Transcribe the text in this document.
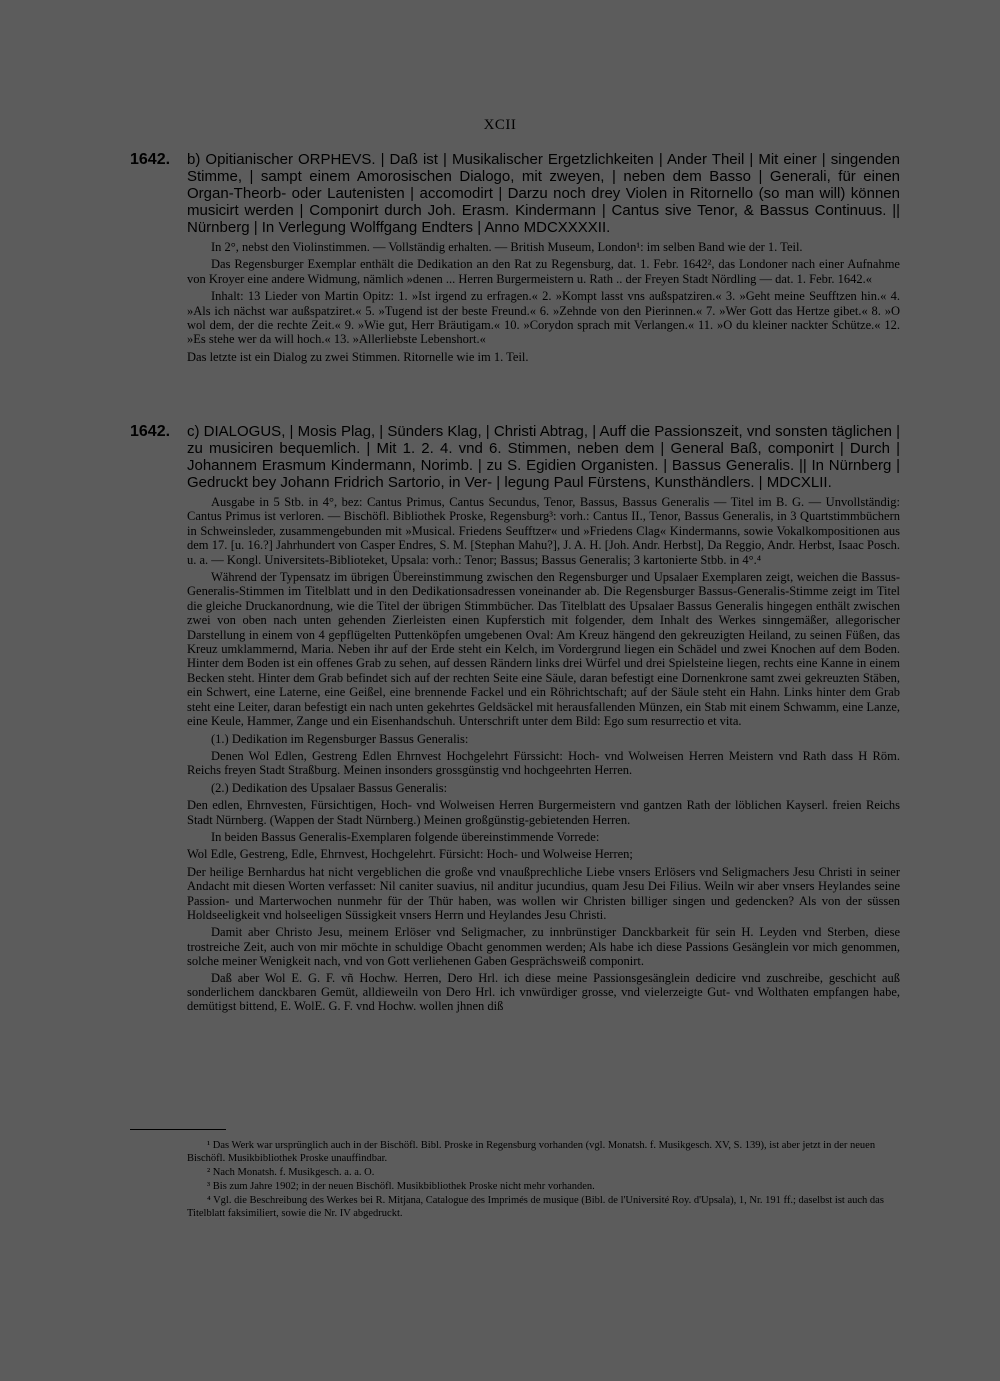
XCII
1642. b) Opitianischer ORPHEVS. | Daß ist | Musikalischer Ergetzlichkeiten | Ander Theil | Mit einer | singenden Stimme, | sampt einem Amorosischen Dialogo, mit zweyen, | neben dem Basso | Generali, für einen Organ-Theorb- oder Lautenisten | accomodirt | Darzu noch drey Violen in Ritornello (so man will) können musicirt werden | Componirt durch Joh. Erasm. Kindermann | Cantus sive Tenor, & Bassus Continuus. || Nürnberg | In Verlegung Wolffgang Endters | Anno MDCXXXXII.

In 2°, nebst den Violinstimmen. — Vollständig erhalten. — British Museum, London¹: im selben Band wie der 1. Teil.

Das Regensburger Exemplar enthält die Dedikation an den Rat zu Regensburg, dat. 1. Febr. 1642², das Londoner nach einer Aufnahme von Kroyer eine andere Widmung, nämlich »denen ... Herren Burgermeistern u. Rath .. der Freyen Stadt Nördling — dat. 1. Febr. 1642.«

Inhalt: 13 Lieder von Martin Opitz: 1. »Ist irgend zu erfragen.« 2. »Kompt lasst vns außspatziren.« 3. »Geht meine Seufftzen hin.« 4. »Als ich nächst war außspatziret.« 5. »Tugend ist der beste Freund.« 6. »Zehnde von den Pierinnen.« 7. »Wer Gott das Hertze gibet.« 8. »O wol dem, der die rechte Zeit.« 9. »Wie gut, Herr Bräutigam.« 10. »Corydon sprach mit Verlangen.« 11. »O du kleiner nackter Schütze.« 12. »Es stehe wer da will hoch.« 13. »Allerliebste Lebenshort.«

Das letzte ist ein Dialog zu zwei Stimmen. Ritornelle wie im 1. Teil.

1642. c) DIALOGUS, | Mosis Plag, | Sünders Klag, | Christi Abtrag, | Auff die Passionszeit, vnd sonsten täglichen | zu musiciren bequemlich. | Mit 1. 2. 4. vnd 6. Stimmen, neben dem | General Baß, componirt | Durch | Johannem Erasmum Kindermann, Norimb. | zu S. Egidien Organisten. | Bassus Generalis. || In Nürnberg | Gedruckt bey Johann Fridrich Sartorio, in Ver- | legung Paul Fürstens, Kunsthändlers. | MDCXLII.

Ausgabe in 5 Stb. in 4°, bez: Cantus Primus, Cantus Secundus, Tenor, Bassus, Bassus Generalis — Titel im B. G. — Unvollständig: Cantus Primus ist verloren. — Bischöfl. Bibliothek Proske, Regensburg³: vorh.: Cantus II., Tenor, Bassus Generalis, in 3 Quartstimmbüchern in Schweinsleder, zusammengebunden mit »Musical. Friedens Seufftzer« und »Friedens Clag« Kindermanns, sowie Vokalkompositionen aus dem 17. [u. 16.?] Jahrhundert von Casper Endres, S. M. [Stephan Mahu?], J. A. H. [Joh. Andr. Herbst], Da Reggio, Andr. Herbst, Isaac Posch. u. a. — Kongl. Universitets-Biblioteket, Upsala: vorh.: Tenor; Bassus; Bassus Generalis; 3 kartonierte Stbb. in 4°.⁴

Während der Typensatz im übrigen Übereinstimmung zwischen den Regensburger und Upsalaer Exemplaren zeigt, weichen die Bassus-Generalis-Stimmen im Titelblatt und in den Dedikationsadressen voneinander ab. Die Regensburger Bassus-Generalis-Stimme zeigt im Titel die gleiche Druckanordnung, wie die Titel der übrigen Stimmbücher. Das Titelblatt des Upsalaer Bassus Generalis hingegen enthält zwischen zwei von oben nach unten gehenden Zierleisten einen Kupferstich mit folgender, dem Inhalt des Werkes sinngemäßer, allegorischer Darstellung in einem von 4 gepflügelten Puttenköpfen umgebenen Oval: Am Kreuz hängend den gekreuzigten Heiland, zu seinen Füßen, das Kreuz umklammernd, Maria. Neben ihr auf der Erde steht ein Kelch, im Vordergrund liegen ein Schädel und zwei Knochen auf dem Boden. Hinter dem Boden ist ein offenes Grab zu sehen, auf dessen Rändern links drei Würfel und drei Spielsteine liegen, rechts eine Kanne in einem Becken steht. Hinter dem Grab befindet sich auf der rechten Seite eine Säule, daran befestigt eine Dornenkrone samt zwei gekreuzten Stäben, ein Schwert, eine Laterne, eine Geißel, eine brennende Fackel und ein Röhrichtschaft; auf der Säule steht ein Hahn. Links hinter dem Grab steht eine Leiter, daran befestigt ein nach unten gekehrtes Geldsäckel mit herausfallenden Münzen, ein Stab mit einem Schwamm, eine Lanze, eine Keule, Hammer, Zange und ein Eisenhandschuh. Unterschrift unter dem Bild: Ego sum resurrectio et vita.

(1.) Dedikation im Regensburger Bassus Generalis:

Denen Wol Edlen, Gestreng Edlen Ehrnvest Hochgelehrt Fürssicht: Hoch- vnd Wolweisen Herren Meistern vnd Rath dass H Röm. Reichs freyen Stadt Straßburg. Meinen insonders grossgünstig vnd hochgeehrten Herren.

(2.) Dedikation des Upsalaer Bassus Generalis:

Den edlen, Ehrnvesten, Fürsichtigen, Hoch- vnd Wolweisen Herren Burgermeistern vnd gantzen Rath der löblichen Kayserl. freien Reichs Stadt Nürnberg. (Wappen der Stadt Nürnberg.) Meinen großgünstig-gebietenden Herren.

In beiden Bassus Generalis-Exemplaren folgende übereinstimmende Vorrede:

Wol Edle, Gestreng, Edle, Ehrnvest, Hochgelehrt. Fürsicht: Hoch- und Wolweise Herren;

Der heilige Bernhardus hat nicht vergeblichen die große vnd vnaußprechliche Liebe vnsers Erlösers vnd Seligmachers Jesu Christi in seiner Andacht mit diesen Worten verfasset: Nil caniter suavius, nil anditur jucundius, quam Jesu Dei Filius. Weiln wir aber vnsers Heylandes seine Passion- und Marterwochen nunmehr für der Thür haben, was wollen wir Christen billiger singen und gedencken? Als von der süssen Holdseeligkeit vnd holseeligen Süssigkeit vnsers Herrn und Heylandes Jesu Christi.

Damit aber Christo Jesu, meinem Erlöser vnd Seligmacher, zu innbrünstiger Danckbarkeit für sein H. Leyden vnd Sterben, diese trostreiche Zeit, auch von mir möchte in schuldige Obacht genommen werden; Als habe ich diese Passions Gesänglein vor mich genommen, solche meiner Wenigkeit nach, vnd von Gott verliehenen Gaben Gesprächsweiß componirt.

Daß aber Wol E. G. F. vñ Hochw. Herren, Dero Hrl. ich diese meine Passionsgesänglein dedicire vnd zuschreibe, geschicht auß sonderlichem danckbaren Gemüt, alldieweiln von Dero Hrl. ich vnwürdiger grosse, vnd vielerzeigte Gut- vnd Wolthaten empfangen habe, demütigst bittend, E. WolE. G. F. vnd Hochw. wollen jhnen diß

¹ Das Werk war ursprünglich auch in der Bischöfl. Bibl. Proske in Regensburg vorhanden (vgl. Monatsh. f. Musikgesch. XV, S. 139), ist aber jetzt in der neuen Bischöfl. Musikbibliothek Proske unauffindbar.

² Nach Monatsh. f. Musikgesch. a. a. O.

³ Bis zum Jahre 1902; in der neuen Bischöfl. Musikbibliothek Proske nicht mehr vorhanden.

⁴ Vgl. die Beschreibung des Werkes bei R. Mitjana, Catalogue des Imprimés de musique (Bibl. de l'Université Roy. d'Upsala), 1, Nr. 191 ff.; daselbst ist auch das Titelblatt faksimiliert, sowie die Nr. IV abgedruckt.
